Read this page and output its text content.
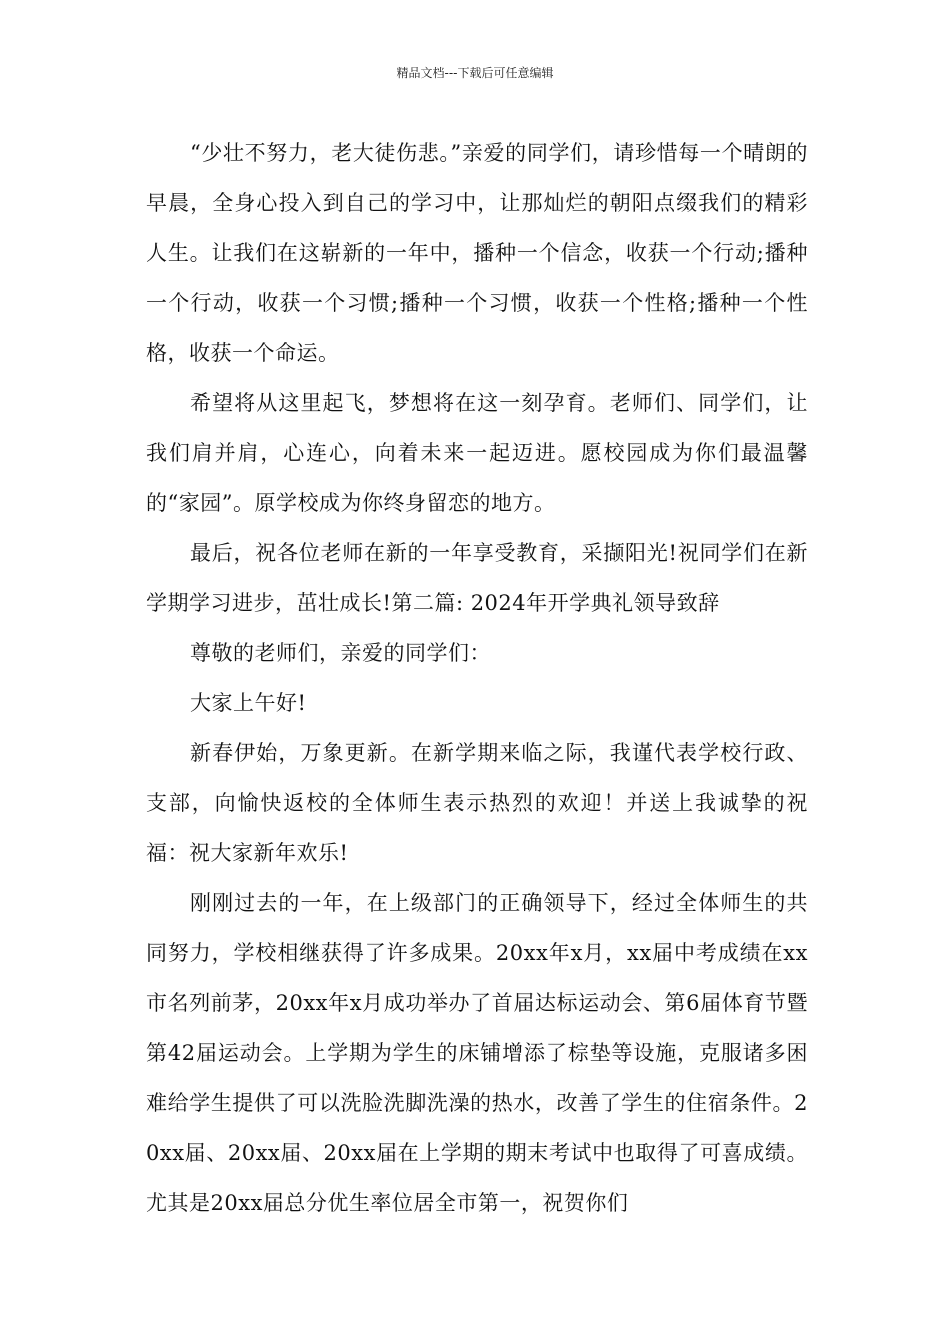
精品文档---下载后可任意编辑

“少壮不努力，老大徒伤悲。”亲爱的同学们，请珍惜每一个晴朗的早晨，全身心投入到自己的学习中，让那灿烂的朝阳点缀我们的精彩人生。让我们在这崭新的一年中，播种一个信念，收获一个行动;播种一个行动，收获一个习惯;播种一个习惯，收获一个性格;播种一个性格，收获一个命运。

希望将从这里起飞，梦想将在这一刻孕育。老师们、同学们，让我们肩并肩，心连心，向着未来一起迈进。愿校园成为你们最温馨的“家园”。原学校成为你终身留恋的地方。

最后，祝各位老师在新的一年享受教育，采撷阳光!祝同学们在新学期学习进步，茁壮成长!第二篇: 2024年开学典礼领导致辞

尊敬的老师们，亲爱的同学们：

大家上午好!

新春伊始，万象更新。在新学期来临之际，我谨代表学校行政、支部，向愉快返校的全体师生表示热烈的欢迎！并送上我诚挚的祝福：祝大家新年欢乐!

刚刚过去的一年，在上级部门的正确领导下，经过全体师生的共同努力，学校相继获得了许多成果。20xx年x月，xx届中考成绩在xx市名列前茅，20xx年x月成功举办了首届达标运动会、第6届体育节暨第42届运动会。上学期为学生的床铺增添了棕垫等设施，克服诸多困难给学生提供了可以洗脸洗脚洗澡的热水，改善了学生的住宿条件。20xx届、20xx届、20xx届在上学期的期末考试中也取得了可喜成绩。尤其是20xx届总分优生率位居全市第一，祝贺你们
